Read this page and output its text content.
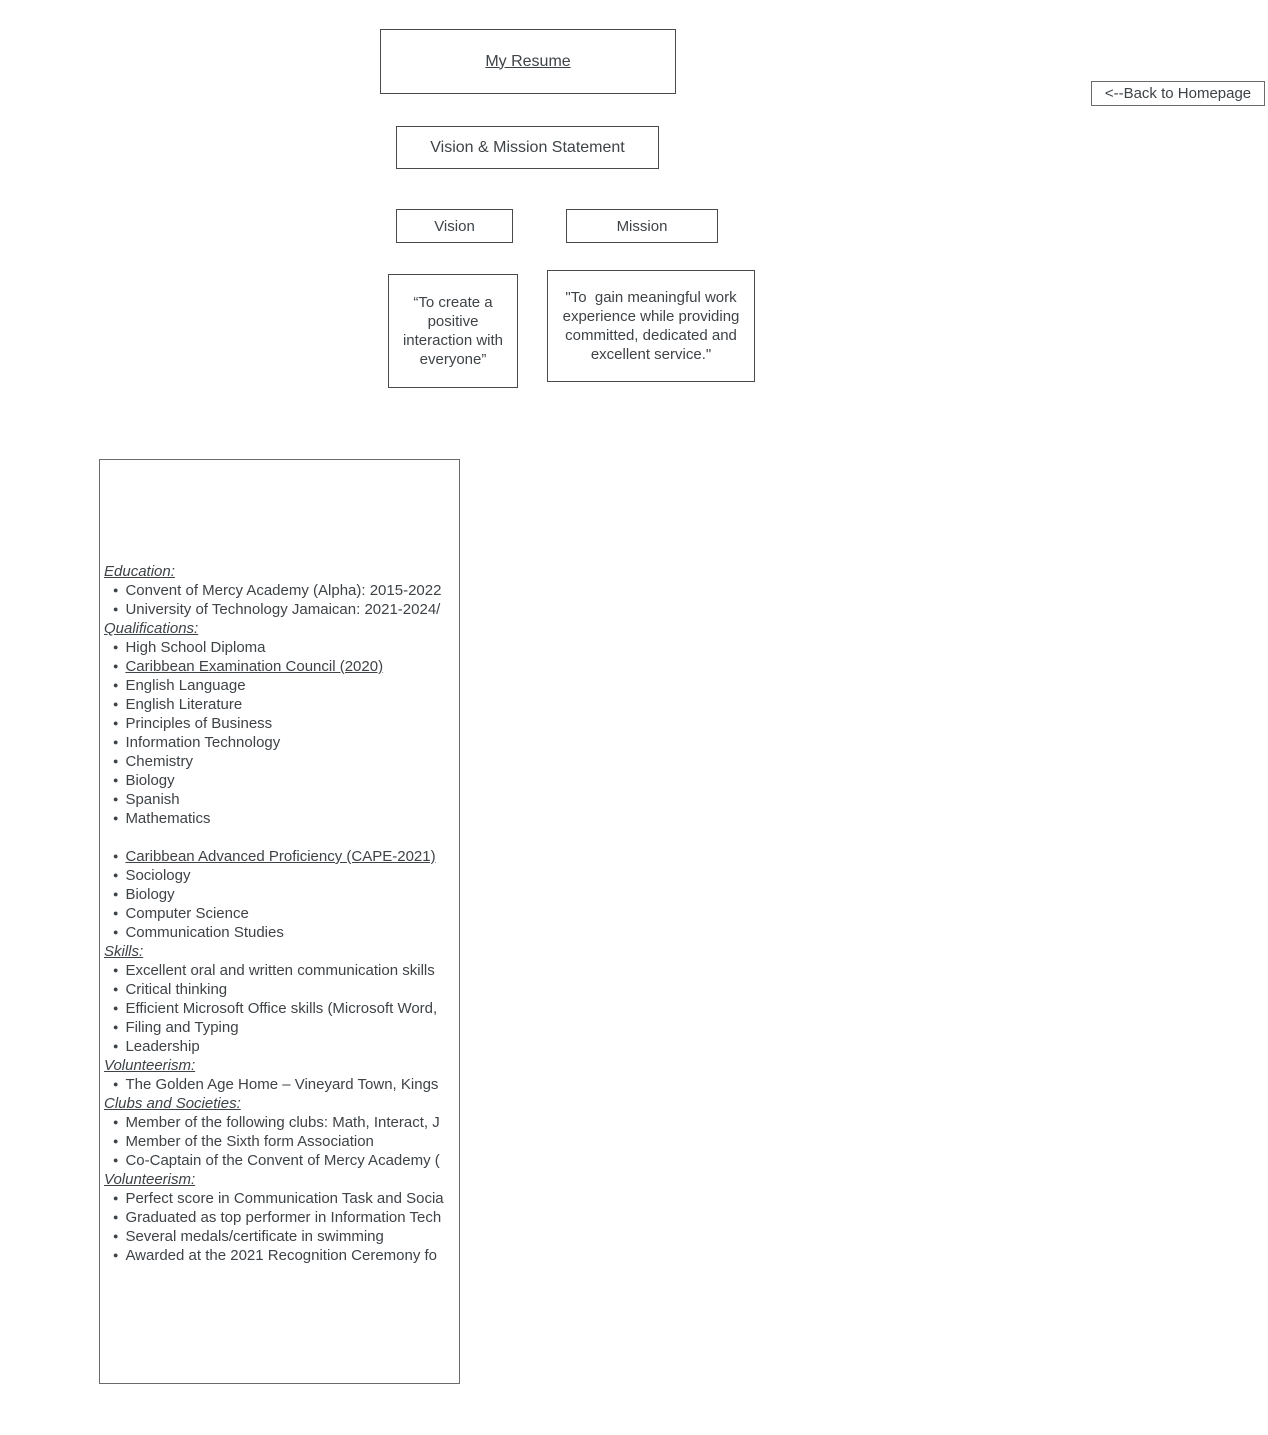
My Resume
<--Back to Homepage
Vision & Mission Statement
Vision	Mission
“To create a positive interaction with everyone”
"To  gain meaningful work experience while providing committed, dedicated and excellent service."
Education:
● Convent of Mercy Academy (Alpha): 2015-2022
● University of Technology Jamaican: 2021-2024/
Qualifications:
● High School Diploma
● Caribbean Examination Council (2020)
● English Language
● English Literature
● Principles of Business
● Information Technology
● Chemistry
● Biology
● Spanish
● Mathematics

● Caribbean Advanced Proficiency (CAPE-2021)
● Sociology
● Biology
● Computer Science
● Communication Studies
Skills:
● Excellent oral and written communication skills
● Critical thinking
● Efficient Microsoft Office skills (Microsoft Word,
● Filing and Typing
● Leadership
Volunteerism:
● The Golden Age Home – Vineyard Town, Kings
Clubs and Societies:
● Member of the following clubs: Math, Interact, J
● Member of the Sixth form Association
● Co-Captain of the Convent of Mercy Academy (
Volunteerism:
● Perfect score in Communication Task and Socia
● Graduated as top performer in Information Tech
● Several medals/certificate in swimming
● Awarded at the 2021 Recognition Ceremony fo
